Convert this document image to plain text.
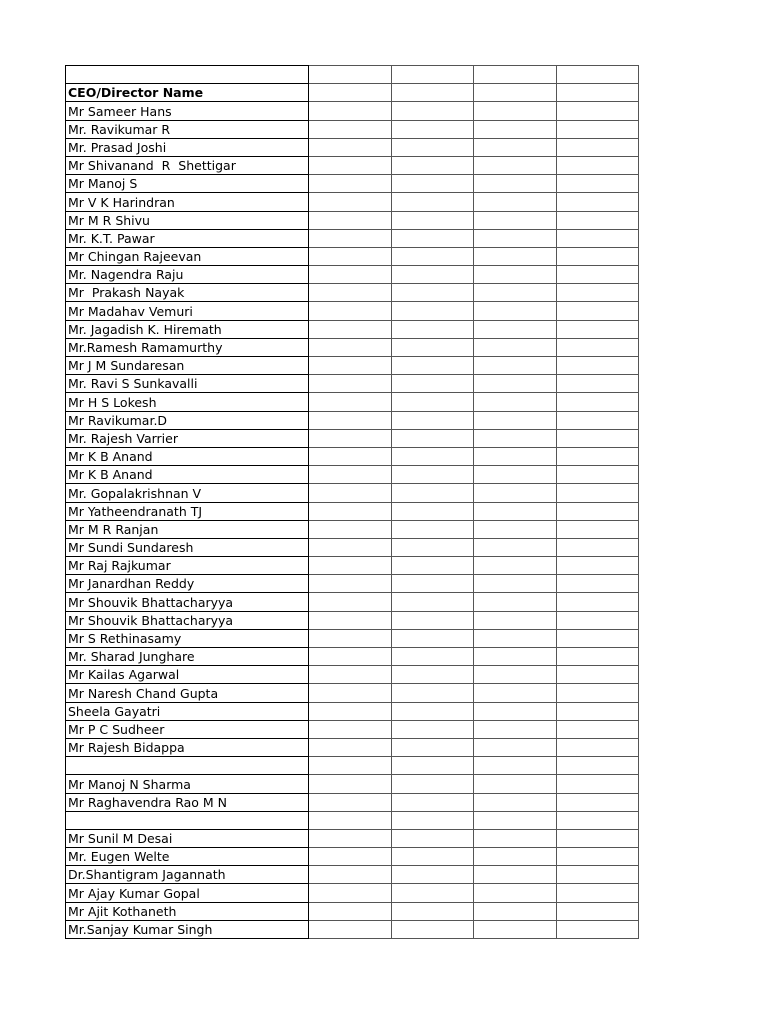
CEO/Director Name				
Mr Sameer Hans				
Mr. Ravikumar R				
Mr. Prasad Joshi				
Mr Shivanand  R  Shettigar				
Mr Manoj S				
Mr V K Harindran				
Mr M R Shivu				
Mr. K.T. Pawar				
Mr Chingan Rajeevan				
Mr. Nagendra Raju				
Mr  Prakash Nayak				
Mr Madahav Vemuri				
Mr. Jagadish K. Hiremath				
Mr.Ramesh Ramamurthy				
Mr J M Sundaresan				
Mr. Ravi S Sunkavalli				
Mr H S Lokesh				
Mr Ravikumar.D				
Mr. Rajesh Varrier				
Mr K B Anand				
Mr K B Anand				
Mr. Gopalakrishnan V				
Mr Yatheendranath TJ				
Mr M R Ranjan				
Mr Sundi Sundaresh				
Mr Raj Rajkumar				
Mr Janardhan Reddy				
Mr Shouvik Bhattacharyya				
Mr Shouvik Bhattacharyya				
Mr S Rethinasamy				
Mr. Sharad Junghare				
Mr Kailas Agarwal				
Mr Naresh Chand Gupta				
Sheela Gayatri				
Mr P C Sudheer				
Mr Rajesh Bidappa				

Mr Manoj N Sharma				
Mr Raghavendra Rao M N				

Mr Sunil M Desai				
Mr. Eugen Welte				
Dr.Shantigram Jagannath				
Mr Ajay Kumar Gopal				
Mr Ajit Kothaneth				
Mr.Sanjay Kumar Singh				
